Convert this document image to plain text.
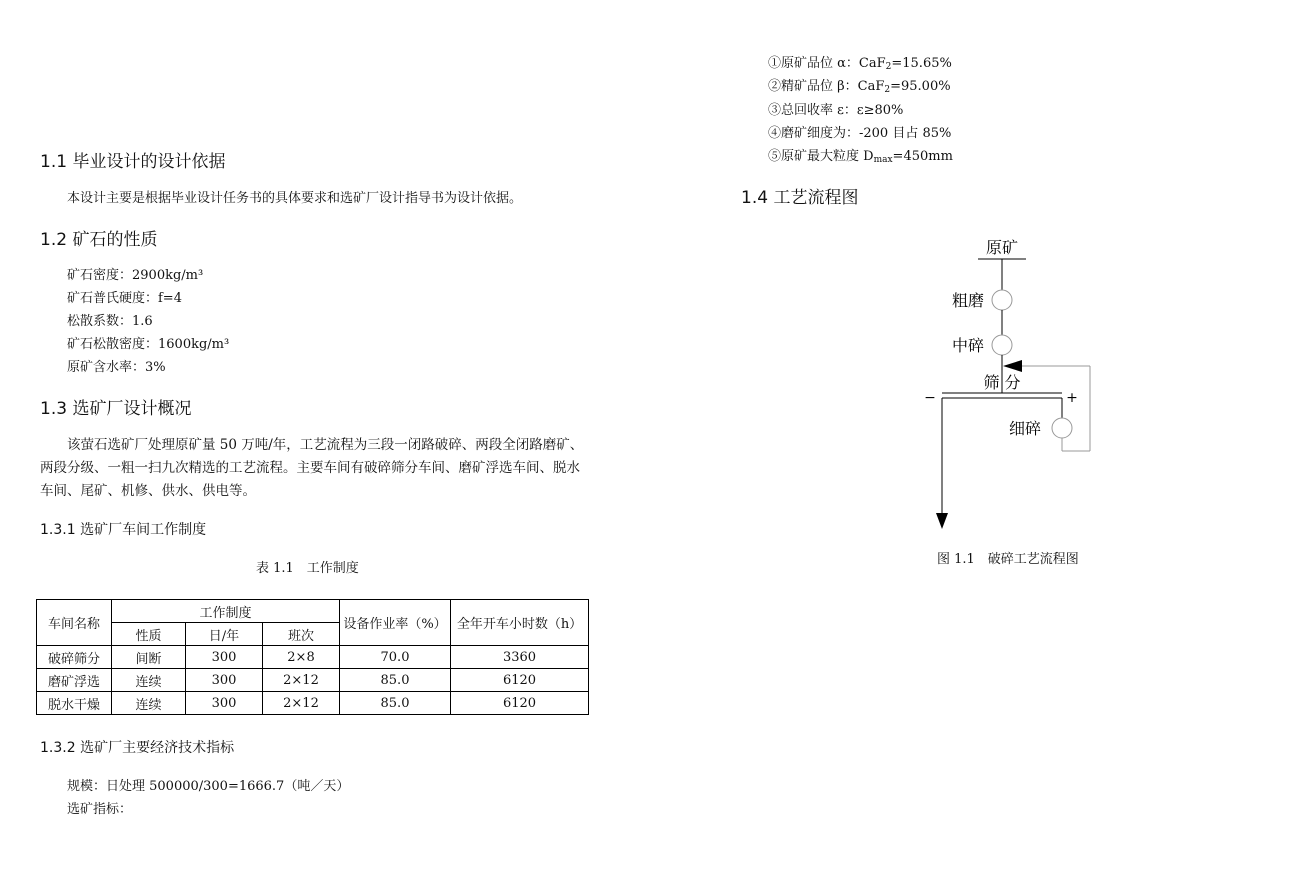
1.1 毕业设计的设计依据
本设计主要是根据毕业设计任务书的具体要求和选矿厂设计指导书为设计依据。
1.2 矿石的性质
矿石密度：2900kg/m³
矿石普氏硬度：f=4
松散系数：1.6
矿石松散密度：1600kg/m³
原矿含水率：3%
1.3 选矿厂设计概况
该萤石选矿厂处理原矿量 50 万吨/年，工艺流程为三段一闭路破碎、两段全闭路磨矿、两段分级、一粗一扫九次精选的工艺流程。主要车间有破碎筛分车间、磨矿浮选车间、脱水车间、尾矿、机修、供水、供电等。
1.3.1 选矿厂车间工作制度
表 1.1　工作制度
车间名称	工作制度			设备作业率（%）	全年开车小时数（h）
	性质	日/年	班次		
破碎筛分	间断	300	2×8	70.0	3360
磨矿浮选	连续	300	2×12	85.0	6120
脱水干燥	连续	300	2×12	85.0	6120
1.3.2 选矿厂主要经济技术指标
规模：日处理 500000/300=1666.7（吨／天）
选矿指标：
①原矿品位 α：CaF$_2$=15.65%
②精矿品位 β：CaF$_2$=95.00%
③总回收率 ε：ε≥80%
④磨矿细度为：-200 目占 85%
⑤原矿最大粒度 $D_{max}=450mm$
1.4 工艺流程图
原矿
粗磨
中碎
筛 分
细碎
−	+
图 1.1　破碎工艺流程图
